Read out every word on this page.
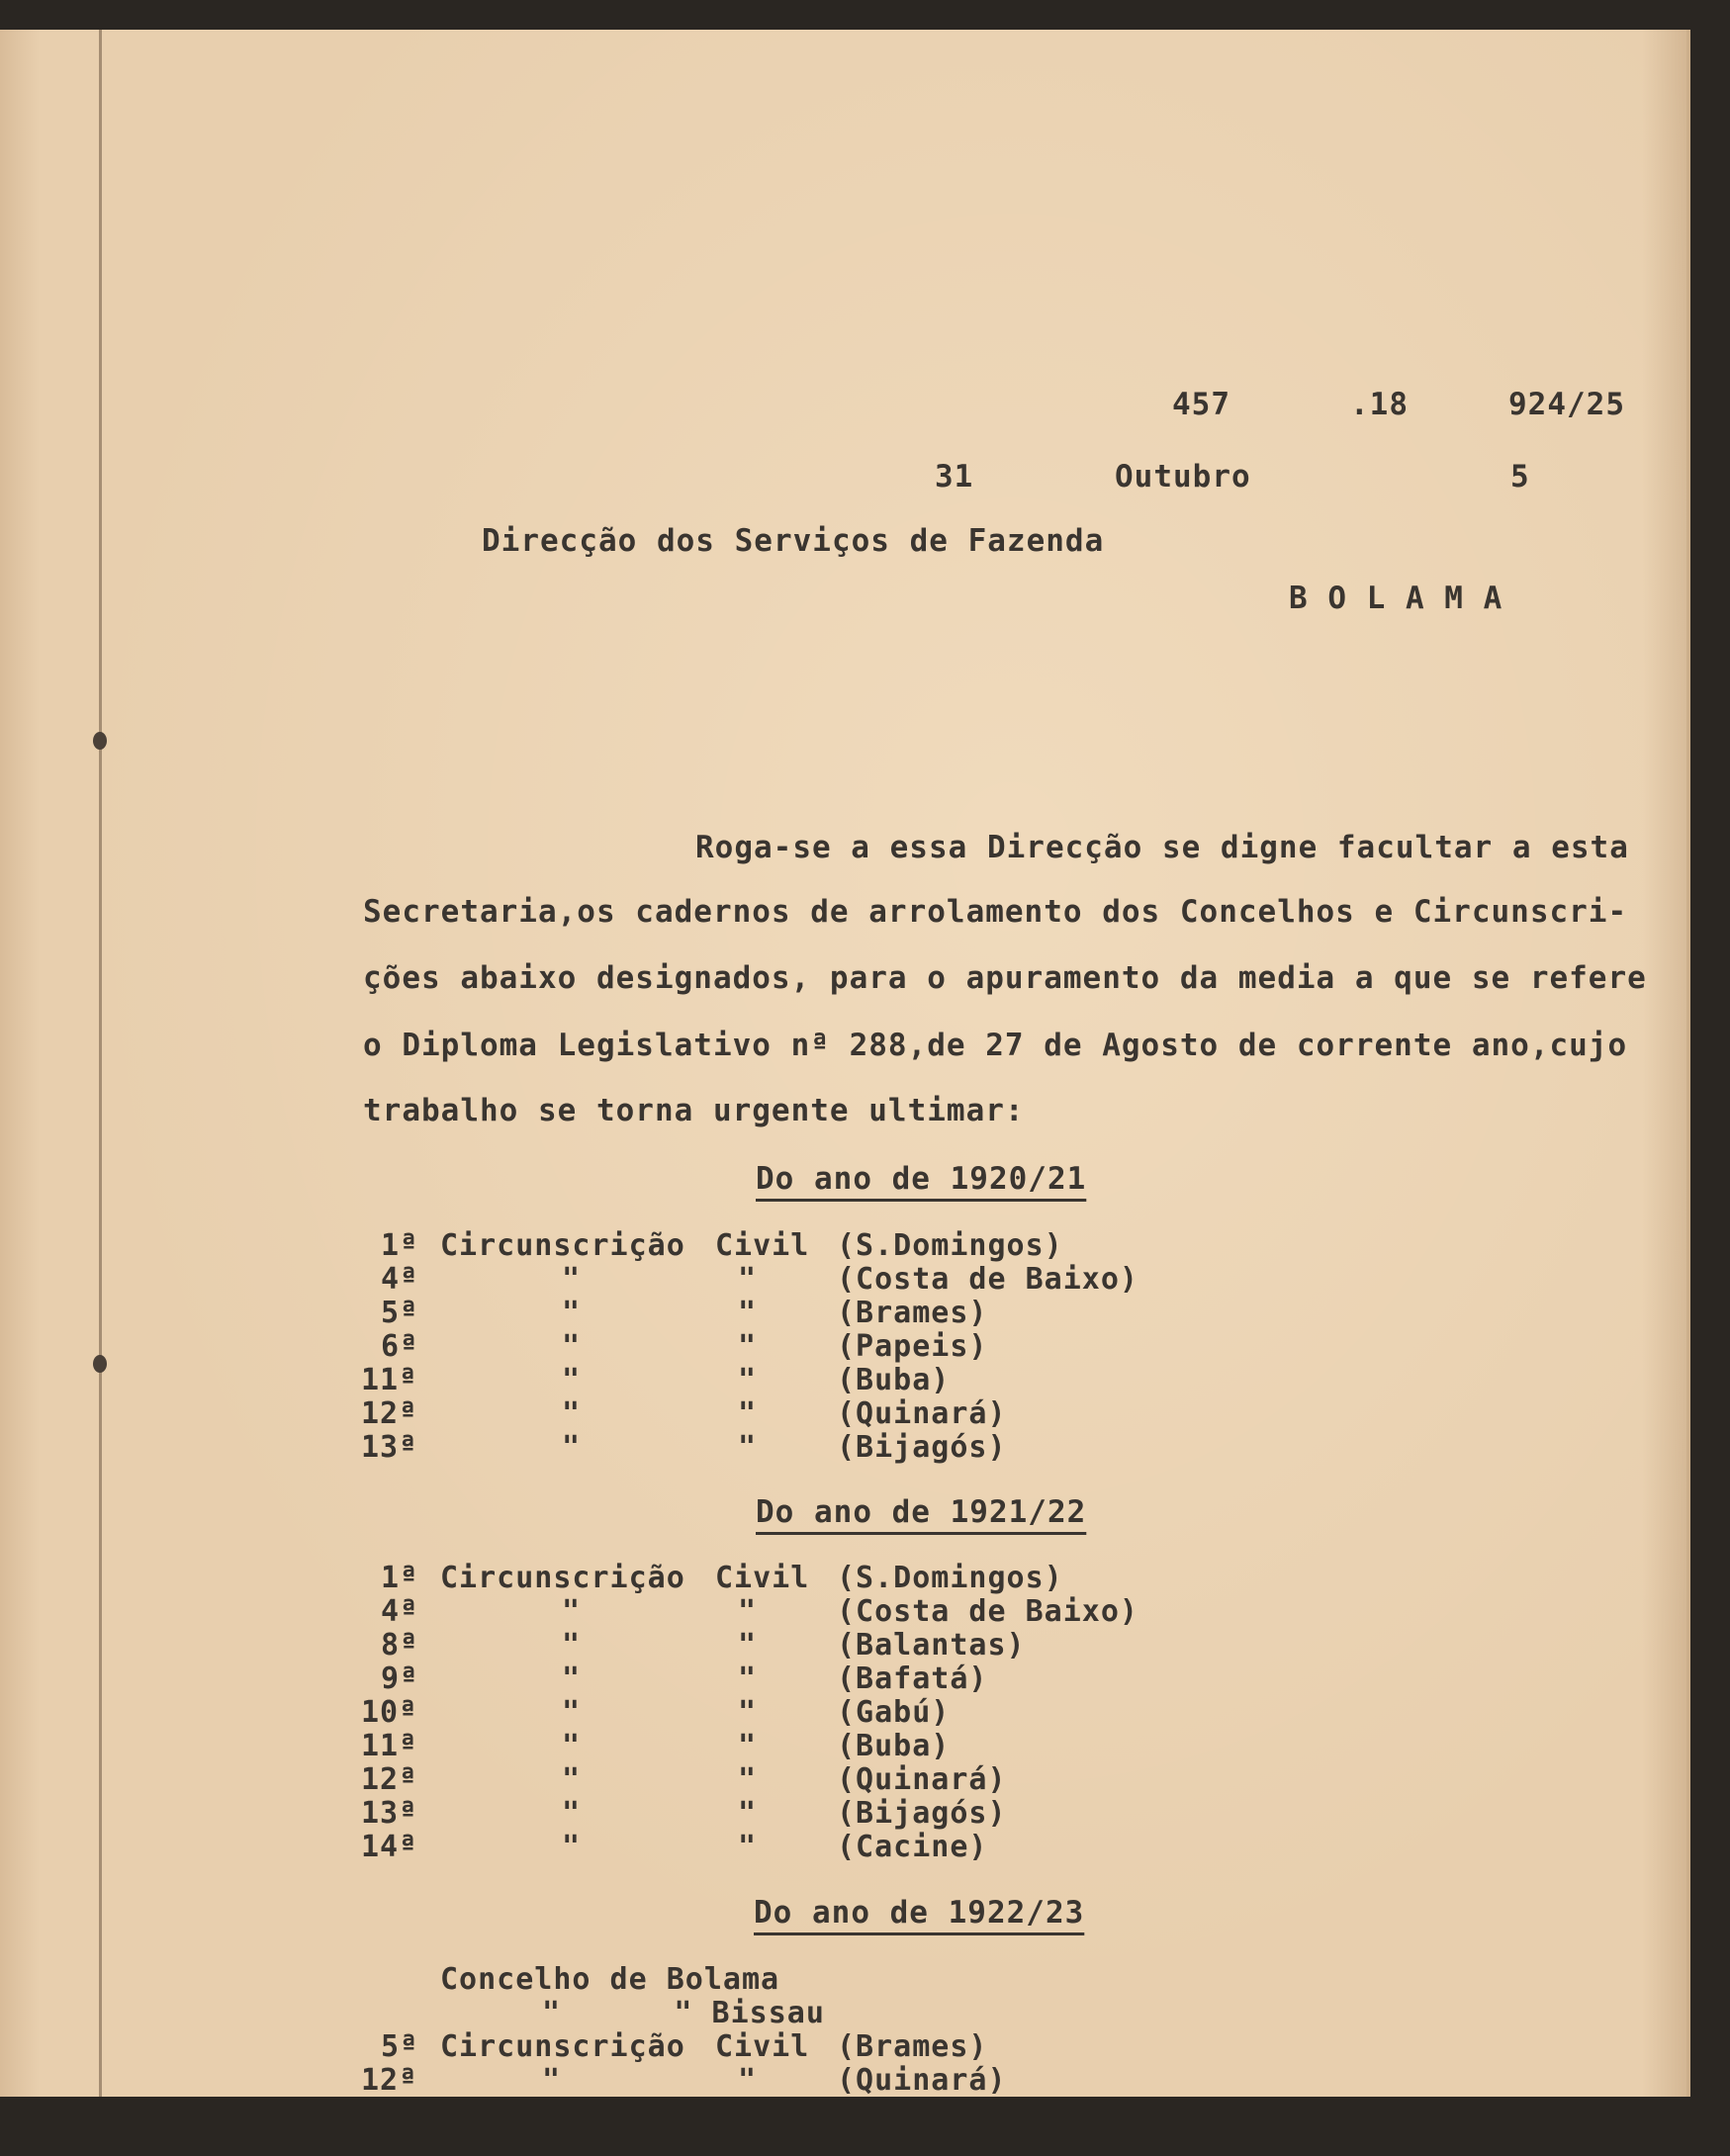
457	.18	924/25
31	Outubro	5
Direcção dos Serviços de Fazenda
B O L A M A
Roga-se a essa Direcção se digne facultar a esta
Secretaria,os cadernos de arrolamento dos Concelhos e Circunscri-
ções abaixo designados, para o apuramento da media a que se refere
o Diploma Legislativo nª 288,de 27 de Agosto de corrente ano,cujo
trabalho se torna urgente ultimar:
Do ano de 1920/21
Do ano de 1921/22
Do ano de 1922/23
1ª Circunscrição Civil (S.Domingos)
4ª	"	"	(Costa de Baixo)
5ª	"	"	(Brames)
6ª	"	"	(Papeis)
11ª	"	"	(Buba)
12ª	"	"	(Quinará)
13ª	"	"	(Bijagós)
1ª Circunscrição Civil (S.Domingos)
4ª	"	"	(Costa de Baixo)
8ª	"	"	(Balantas)
9ª	"	"	(Bafatá)
10ª	"	"	(Gabú)
11ª	"	"	(Buba)
12ª	"	"	(Quinará)
13ª	"	"	(Bijagós)
14ª	"	"	(Cacine)
Concelho de Bolama
"      " Bissau
5ª Circunscrição Civil (Brames)
12ª	"	"	(Quinará)
